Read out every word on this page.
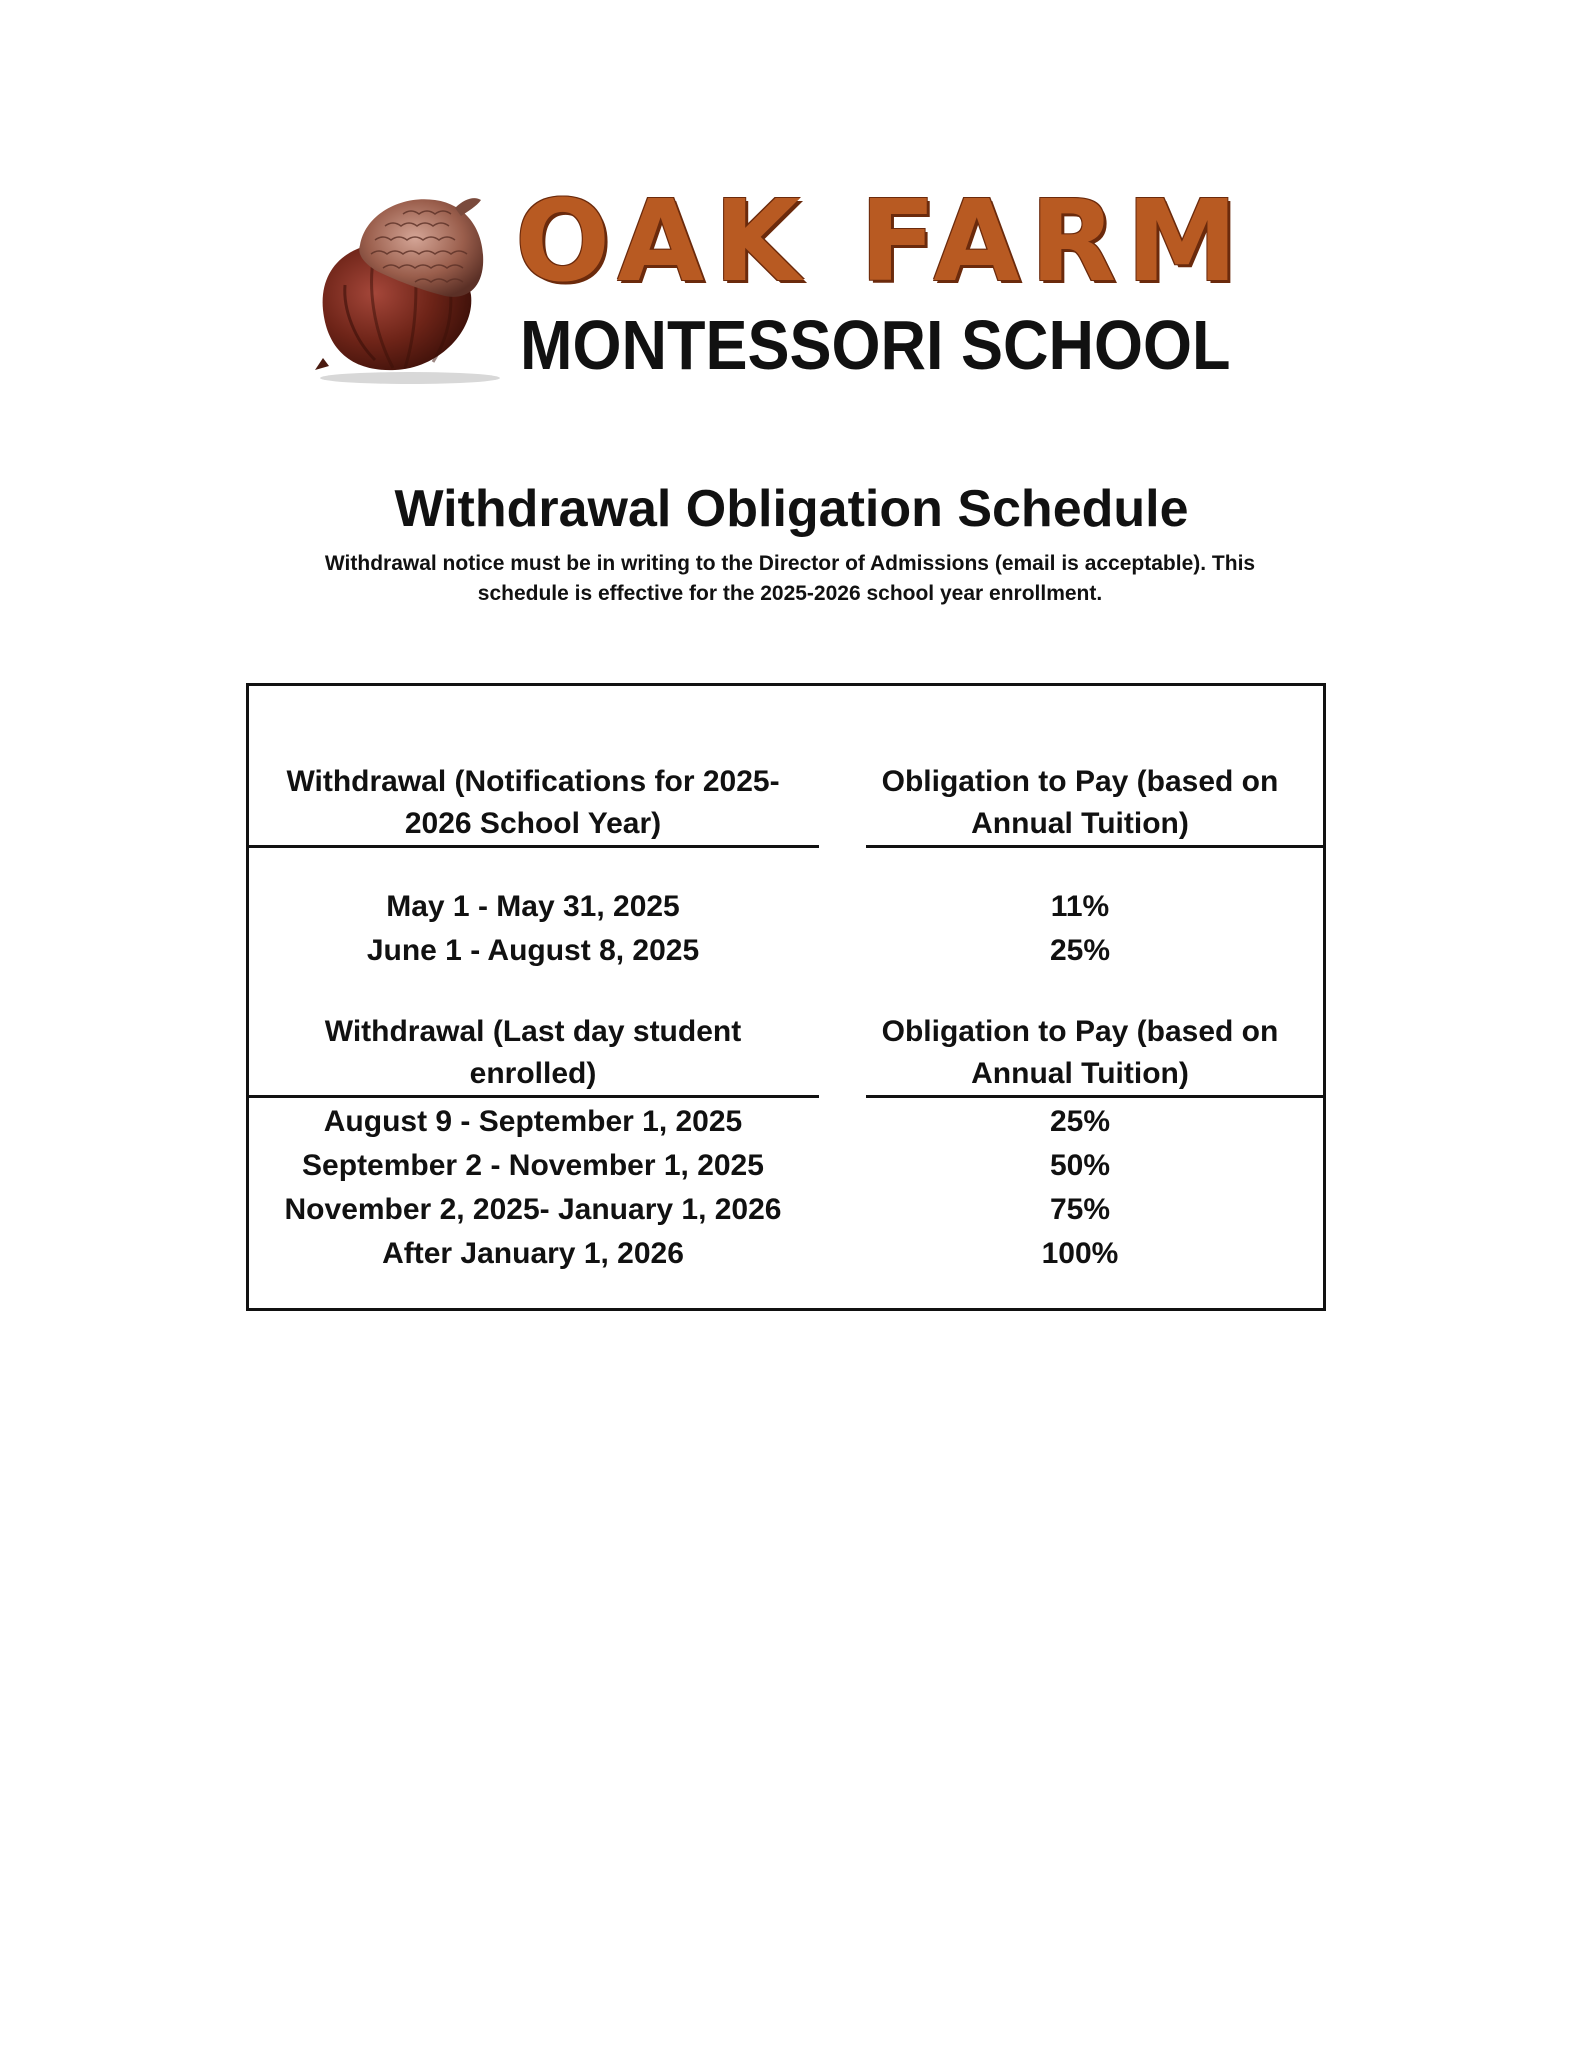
OAK FARM
MONTESSORI SCHOOL
Withdrawal Obligation Schedule
Withdrawal notice must be in writing to the Director of Admissions (email is acceptable). This
schedule is effective for the 2025-2026 school year enrollment.
Withdrawal (Notifications for 2025-
2026 School Year)
Obligation to Pay (based on
Annual Tuition)
May 1 - May 31, 2025	11%
June 1 - August 8, 2025	25%
Withdrawal (Last day student
enrolled)
Obligation to Pay (based on
Annual Tuition)
August 9 - September 1, 2025	25%
September 2 - November 1, 2025	50%
November 2, 2025- January 1, 2026	75%
After January 1, 2026	100%
